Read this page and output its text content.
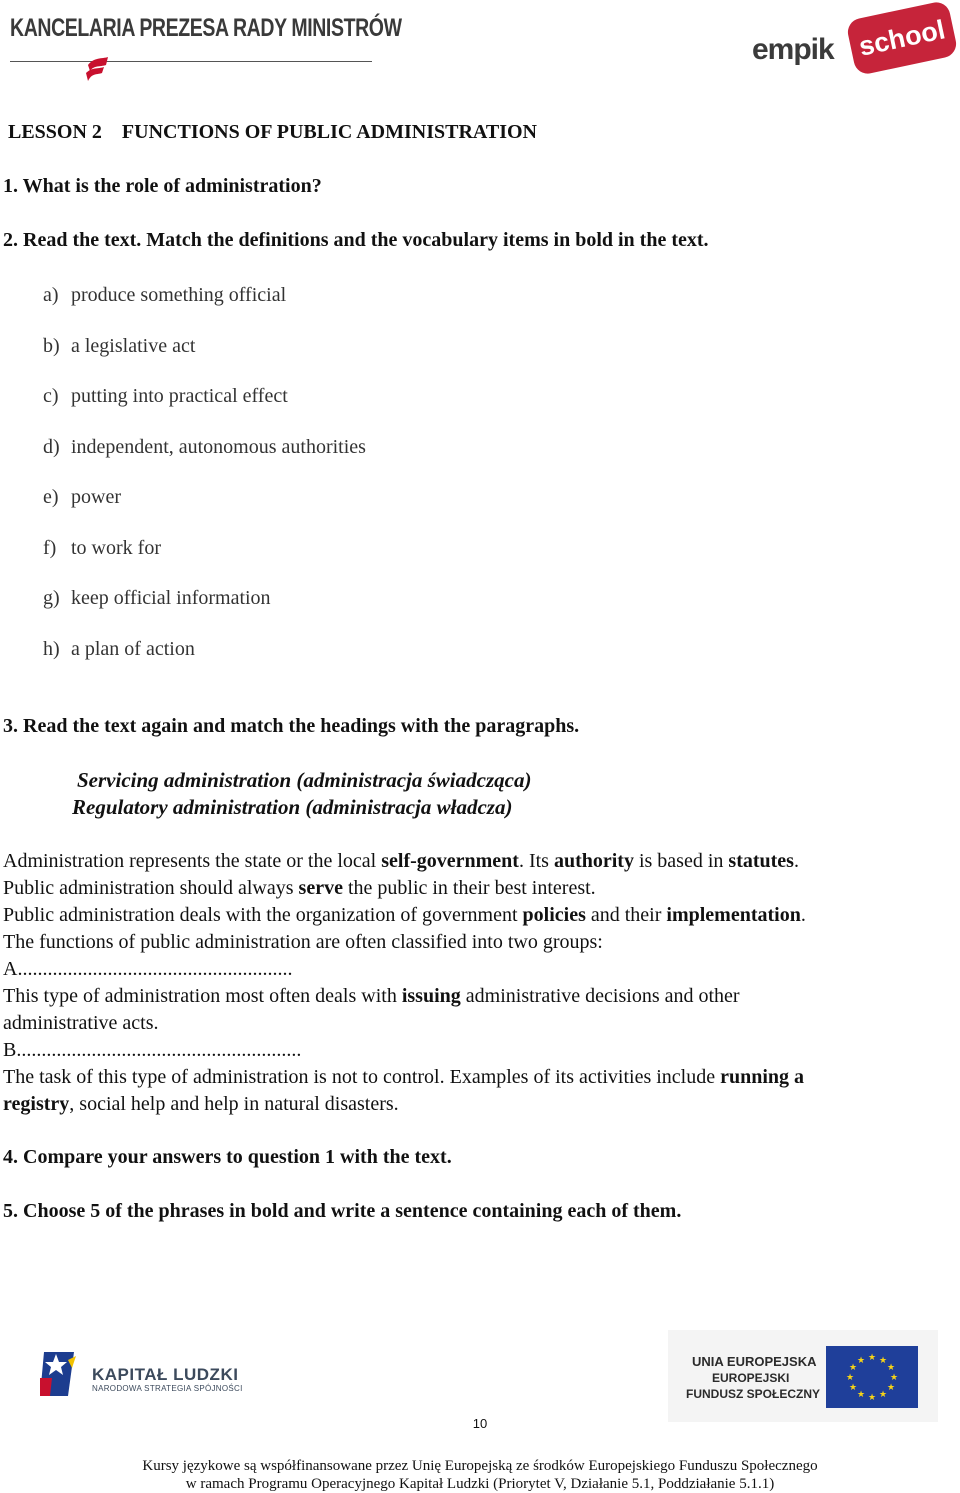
KANCELARIA PREZESA RADY MINISTRÓW
empik school
LESSON 2    FUNCTIONS OF PUBLIC ADMINISTRATION
1. What is the role of administration?
2. Read the text. Match the definitions and the vocabulary items in bold in the text.
a) produce something official
b) a legislative act
c) putting into practical effect
d) independent, autonomous authorities
e) power
f) to work for
g) keep official information
h) a plan of action
3. Read the text again and match the headings with the paragraphs.
Servicing administration (administracja świadcząca)
Regulatory administration (administracja władcza)
Administration represents the state or the local self-government. Its authority is based in statutes.
Public administration should always serve the public in their best interest.
Public administration deals with the organization of government policies and their implementation.
The functions of public administration are often classified into two groups:
A.......................................................
This type of administration most often deals with issuing administrative decisions and other
administrative acts.
B.........................................................
The task of this type of administration is not to control. Examples of its activities include running a
registry, social help and help in natural disasters.
4. Compare your answers to question 1 with the text.
5. Choose 5 of the phrases in bold and write a sentence containing each of them.
KAPITAŁ LUDZKI
NARODOWA STRATEGIA SPÓJNOŚCI
UNIA EUROPEJSKA
EUROPEJSKI
FUNDUSZ SPOŁECZNY
★ ★
★
★
★
★
★
★
★
★
★
★
10
Kursy językowe są współfinansowane przez Unię Europejską ze środków Europejskiego Funduszu Społecznego
w ramach Programu Operacyjnego Kapitał Ludzki (Priorytet V, Działanie 5.1, Poddziałanie 5.1.1)
